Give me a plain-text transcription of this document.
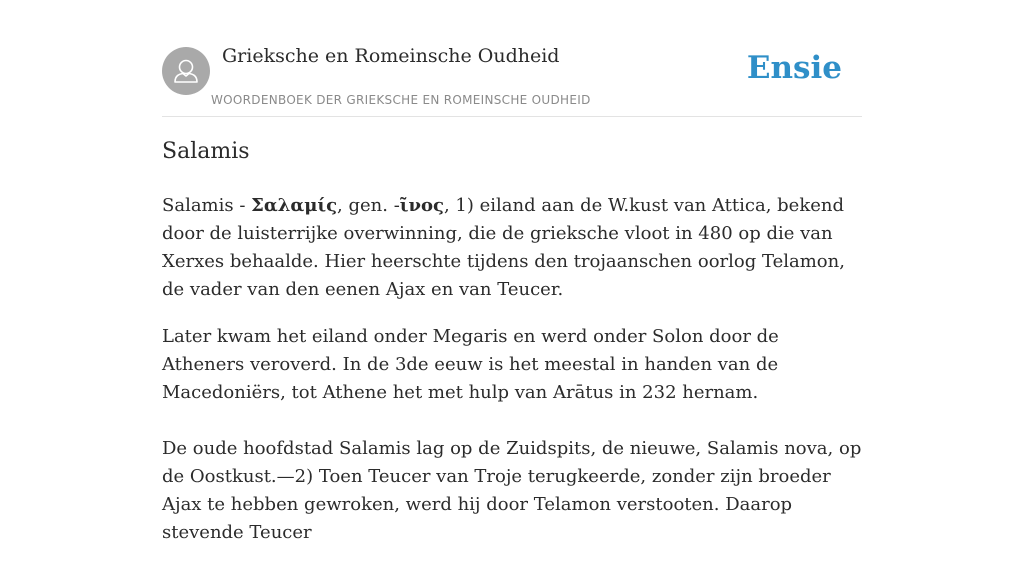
Grieksche en Romeinsche Oudheid
WOORDENBOEK DER GRIEKSCHE EN ROMEINSCHE OUDHEID
Ensie
Salamis

Salamis - Σαλαμίς, gen. -ῖνος, 1) eiland aan de W.kust van Attica, bekend door de luisterrijke overwinning, die de grieksche vloot in 480 op die van Xerxes behaalde. Hier heerschte tijdens den trojaanschen oorlog Telamon, de vader van den eenen Ajax en van Teucer.

Later kwam het eiland onder Megaris en werd onder Solon door de Atheners veroverd. In de 3de eeuw is het meestal in handen van de Macedoniërs, tot Athene het met hulp van Arātus in 232 hernam.

De oude hoofdstad Salamis lag op de Zuidspits, de nieuwe, Salamis nova, op de Oostkust.—2) Toen Teucer van Troje terugkeerde, zonder zijn broeder Ajax te hebben gewroken, werd hij door Telamon verstooten. Daarop stevende Teucer
